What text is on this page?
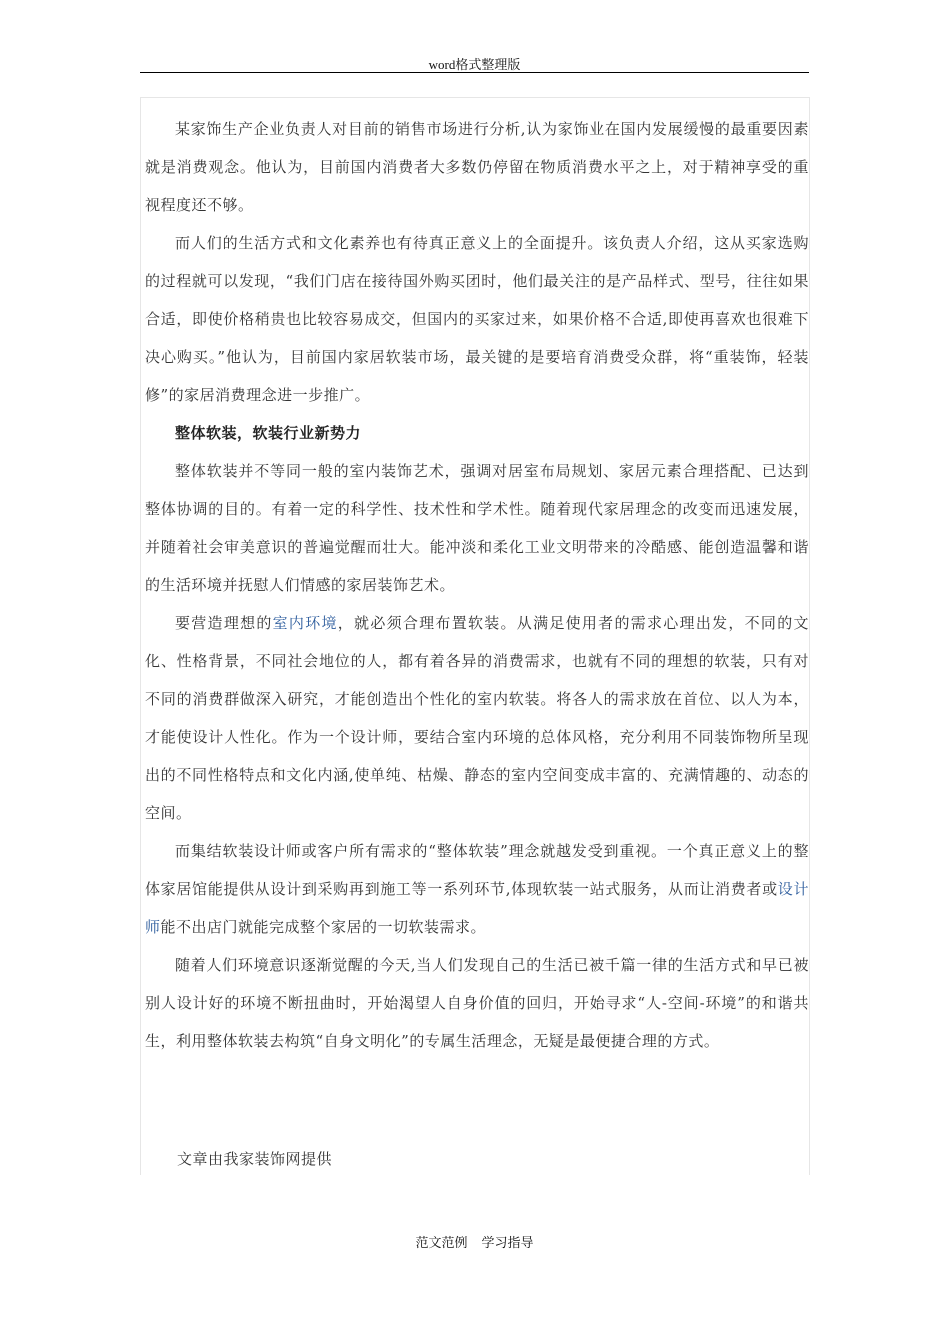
word格式整理版

某家饰生产企业负责人对目前的销售市场进行分析,认为家饰业在国内发展缓慢的最重要因素就是消费观念。他认为，目前国内消费者大多数仍停留在物质消费水平之上，对于精神享受的重视程度还不够。

而人们的生活方式和文化素养也有待真正意义上的全面提升。该负责人介绍，这从买家选购的过程就可以发现，“我们门店在接待国外购买团时，他们最关注的是产品样式、型号，往往如果合适，即使价格稍贵也比较容易成交，但国内的买家过来，如果价格不合适,即使再喜欢也很难下决心购买。”他认为，目前国内家居软装市场，最关键的是要培育消费受众群，将“重装饰，轻装修”的家居消费理念进一步推广。

整体软装，软装行业新势力

整体软装并不等同一般的室内装饰艺术，强调对居室布局规划、家居元素合理搭配、已达到整体协调的目的。有着一定的科学性、技术性和学术性。随着现代家居理念的改变而迅速发展，并随着社会审美意识的普遍觉醒而壮大。能冲淡和柔化工业文明带来的冷酷感、能创造温馨和谐的生活环境并抚慰人们情感的家居装饰艺术。

要营造理想的室内环境，就必须合理布置软装。从满足使用者的需求心理出发，不同的文化、性格背景，不同社会地位的人，都有着各异的消费需求，也就有不同的理想的软装，只有对不同的消费群做深入研究，才能创造出个性化的室内软装。将各人的需求放在首位、以人为本，才能使设计人性化。作为一个设计师，要结合室内环境的总体风格，充分利用不同装饰物所呈现出的不同性格特点和文化内涵,使单纯、枯燥、静态的室内空间变成丰富的、充满情趣的、动态的空间。

而集结软装设计师或客户所有需求的“整体软装”理念就越发受到重视。一个真正意义上的整体家居馆能提供从设计到采购再到施工等一系列环节,体现软装一站式服务，从而让消费者或设计师能不出店门就能完成整个家居的一切软装需求。

随着人们环境意识逐渐觉醒的今天,当人们发现自己的生活已被千篇一律的生活方式和早已被别人设计好的环境不断扭曲时，开始渴望人自身价值的回归，开始寻求“人-空间-环境”的和谐共生，利用整体软装去构筑“自身文明化”的专属生活理念，无疑是最便捷合理的方式。

文章由我家装饰网提供
范文范例 学习指导
